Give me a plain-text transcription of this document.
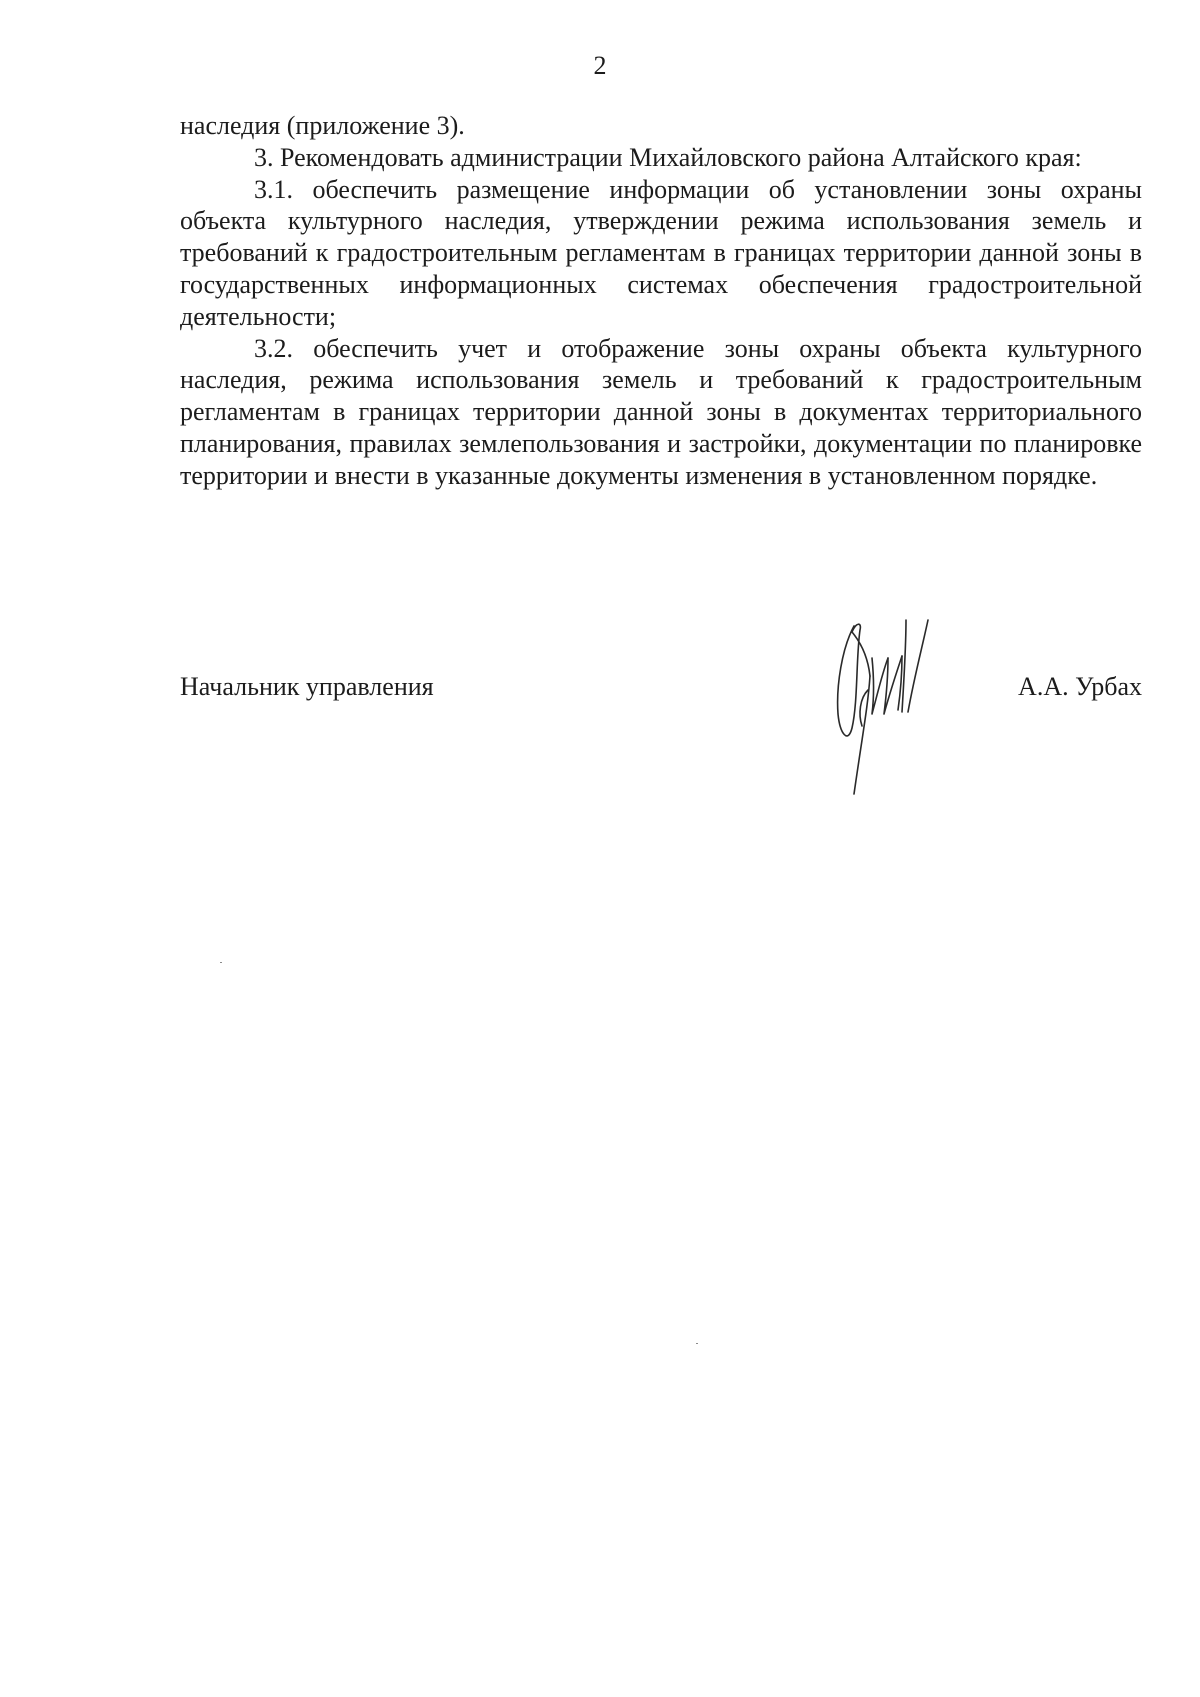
2

наследия (приложение 3).

3. Рекомендовать администрации Михайловского района Алтайского края:

3.1. обеспечить размещение информации об установлении зоны охраны объекта культурного наследия, утверждении режима использования земель и требований к градостроительным регламентам в границах территории данной зоны в государственных информационных системах обеспечения градостроительной деятельности;

3.2. обеспечить учет и отображение зоны охраны объекта культурного наследия, режима использования земель и требований к градостроительным регламентам в границах территории данной зоны в документах территориального планирования, правилах землепользования и застройки, документации по планировке территории и внести в указанные документы изменения в установленном порядке.

Начальник управления	А.А. Урбах
